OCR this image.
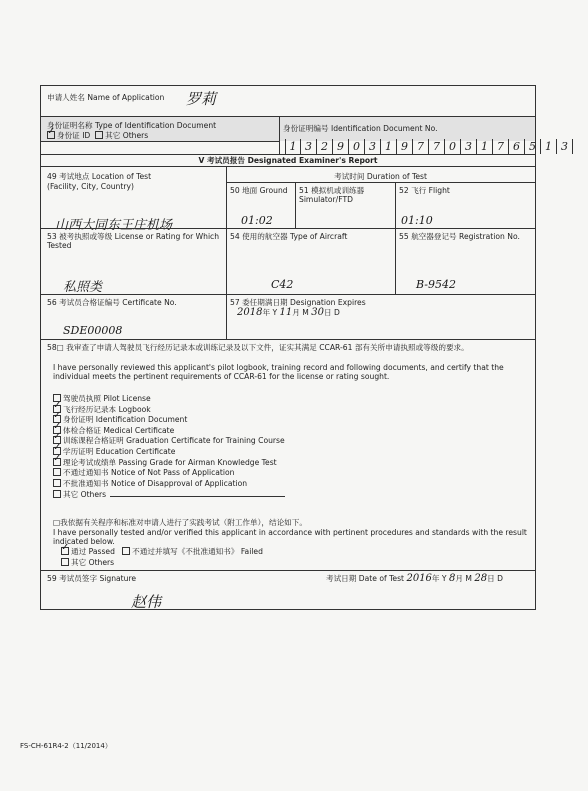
申请人姓名 Name of Application 罗莉
身份证明名称 Type of Identification Document
✓身份证 ID 其它 Others
身份证明编号 Identification Document No.
1 3 2 9 0 3 1 9 7 7 0 3 1 7 6 5 1 3
V 考试员报告 Designated Examiner's Report
49 考试地点 Location of Test
(Facility, City, Country)
山西大同东王庄机场
考试时间 Duration of Test
50 地面 Ground
01:02
51 模拟机或训练器 Simulator/FTD
52 飞行 Flight
01:10
53 被考执照或等级 License or Rating for Which Tested
私照类
54 使用的航空器 Type of Aircraft
C42
55 航空器登记号 Registration No.
B-9542
56 考试员合格证编号 Certificate No.
SDE00008
57 委任期满日期 Designation Expires
2018年 Y 11月 M 30日 D
58□ 我审查了申请人驾驶员飞行经历记录本或训练记录及以下文件，证实其满足 CCAR-61 部有关所申请执照或等级的要求。
I have personally reviewed this applicant's pilot logbook, training record and following documents, and certify that the individual meets the pertinent requirements of CCAR-61 for the license or rating sought.
驾驶员执照 Pilot License
✓飞行经历记录本 Logbook
✓身份证明 Identification Document
✓体检合格证 Medical Certificate
✓训练课程合格证明 Graduation Certificate for Training Course
✓学历证明 Education Certificate
✓理论考试成绩单 Passing Grade for Airman Knowledge Test
不通过通知书 Notice of Not Pass of Application
不批准通知书 Notice of Disapproval of Application
其它 Others
□我依据有关程序和标准对申请人进行了实践考试（附工作单），结论如下。
I have personally tested and/or verified this applicant in accordance with pertinent procedures and standards with the result indicated below.
✓通过 Passed 不通过并填写《不批准通知书》 Failed
其它 Others
59 考试员签字 Signature
赵伟
考试日期 Date of Test 2016年 Y 8月 M 28日 D
FS-CH-61R4-2（11/2014）
